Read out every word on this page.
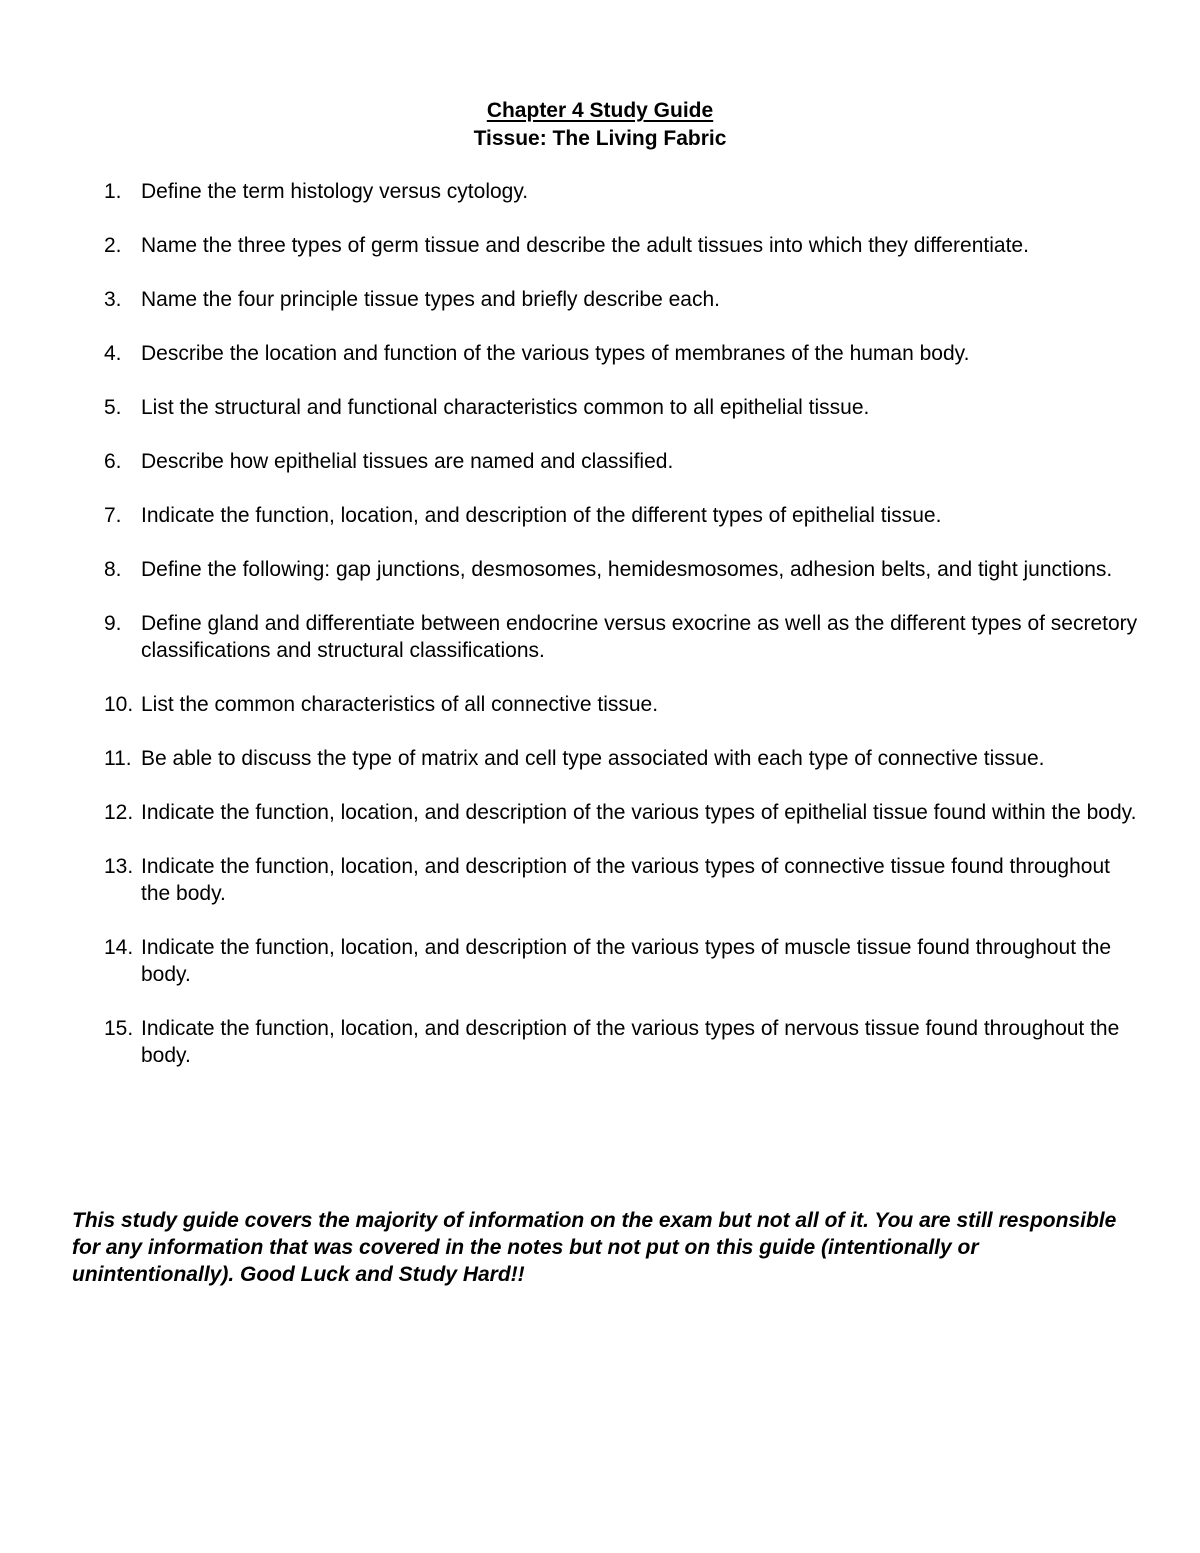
Chapter 4 Study Guide
Tissue: The Living Fabric
1. Define the term histology versus cytology.
2. Name the three types of germ tissue and describe the adult tissues into which they differentiate.
3. Name the four principle tissue types and briefly describe each.
4. Describe the location and function of the various types of membranes of the human body.
5. List the structural and functional characteristics common to all epithelial tissue.
6. Describe how epithelial tissues are named and classified.
7. Indicate the function, location, and description of the different types of epithelial tissue.
8. Define the following: gap junctions, desmosomes, hemidesmosomes, adhesion belts, and tight junctions.
9. Define gland and differentiate between endocrine versus exocrine as well as the different types of secretory classifications and structural classifications.
10. List the common characteristics of all connective tissue.
11. Be able to discuss the type of matrix and cell type associated with each type of connective tissue.
12. Indicate the function, location, and description of the various types of epithelial tissue found within the body.
13. Indicate the function, location, and description of the various types of connective tissue found throughout the body.
14. Indicate the function, location, and description of the various types of muscle tissue found throughout the body.
15. Indicate the function, location, and description of the various types of nervous tissue found throughout the body.

This study guide covers the majority of information on the exam but not all of it. You are still responsible for any information that was covered in the notes but not put on this guide (intentionally or unintentionally). Good Luck and Study Hard!!
